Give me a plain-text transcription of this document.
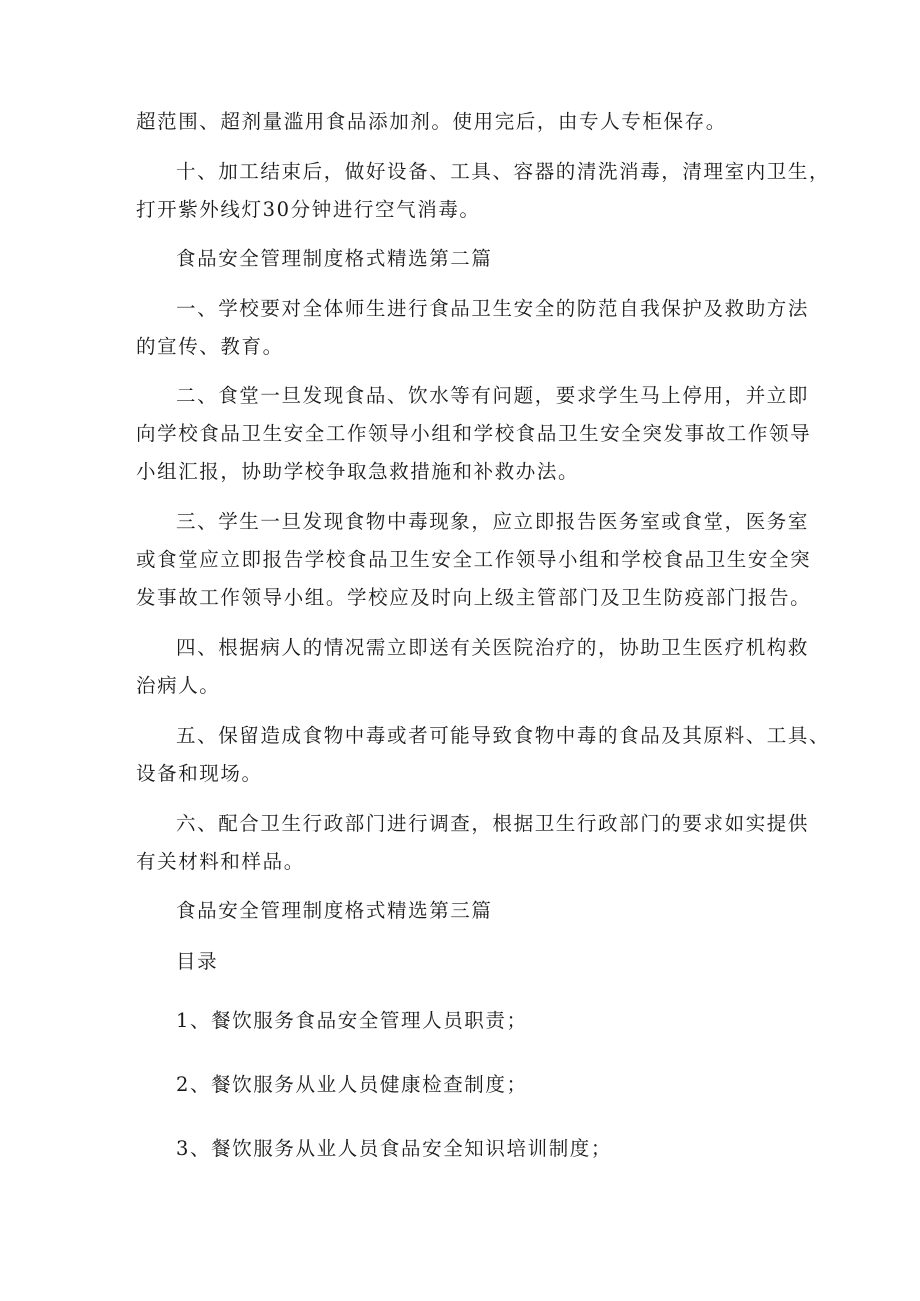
超范围、超剂量滥用食品添加剂。使用完后，由专人专柜保存。
十、加工结束后，做好设备、工具、容器的清洗消毒，清理室内卫生，
打开紫外线灯30分钟进行空气消毒。
食品安全管理制度格式精选第二篇
一、学校要对全体师生进行食品卫生安全的防范自我保护及救助方法
的宣传、教育。
二、食堂一旦发现食品、饮水等有问题，要求学生马上停用，并立即
向学校食品卫生安全工作领导小组和学校食品卫生安全突发事故工作领导
小组汇报，协助学校争取急救措施和补救办法。
三、学生一旦发现食物中毒现象，应立即报告医务室或食堂，医务室
或食堂应立即报告学校食品卫生安全工作领导小组和学校食品卫生安全突
发事故工作领导小组。学校应及时向上级主管部门及卫生防疫部门报告。
四、根据病人的情况需立即送有关医院治疗的，协助卫生医疗机构救
治病人。
五、保留造成食物中毒或者可能导致食物中毒的食品及其原料、工具、
设备和现场。
六、配合卫生行政部门进行调查，根据卫生行政部门的要求如实提供
有关材料和样品。
食品安全管理制度格式精选第三篇
目录
1、餐饮服务食品安全管理人员职责；
2、餐饮服务从业人员健康检查制度；
3、餐饮服务从业人员食品安全知识培训制度；
